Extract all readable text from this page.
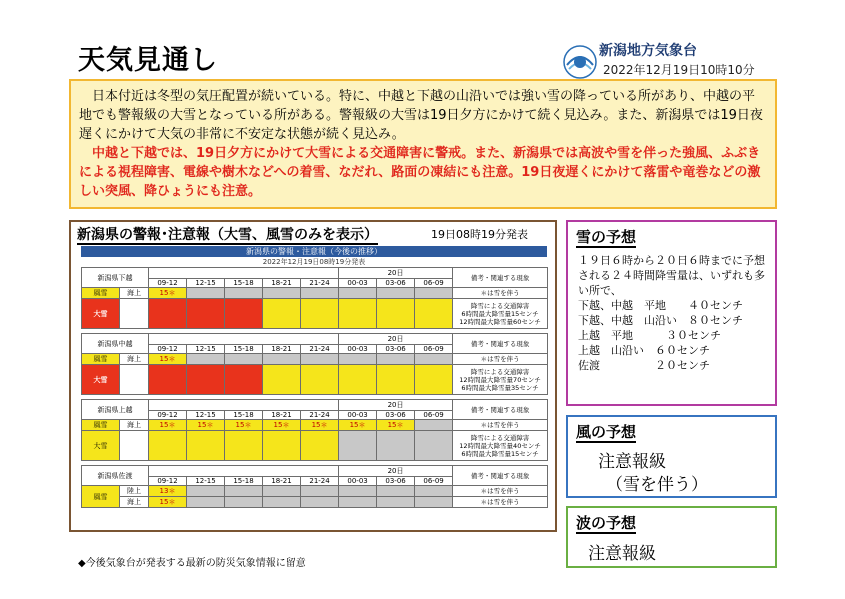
天気見通し	新潟地方気象台
2022年12月19日10時10分

日本付近は冬型の気圧配置が続いている。特に、中越と下越の山沿いでは強い雪の降っている所があり、中越の平地でも警報級の大雪となっている所がある。警報級の大雪は19日夕方にかけて続く見込み。また、新潟県では19日夜遅くにかけて大気の非常に不安定な状態が続く見込み。

中越と下越では、19日夕方にかけて大雪による交通障害に警戒。また、新潟県では高波や雪を伴った強風、ふぶきによる視程障害、電線や樹木などへの着雪、なだれ、路面の凍結にも注意。19日夜遅くにかけて落雷や竜巻などの激しい突風、降ひょうにも注意。

新潟県の警報･注意報（大雪、風雪のみを表示）	19日08時19分発表
新潟県の警報・注意報（今後の推移）
2022年12月19日08時19分発表
新潟県下越							20日			備考・関連する現象
		09-12	12-15	15-18	18-21	21-24	00-03	03-06	06-09	
風雪	海上	15＊								＊は雪を伴う
大雪										降雪による交通障害
6時間最大降雪量15センチ
12時間最大降雪量60センチ

新潟県中越							20日			備考・関連する現象
		09-12	12-15	15-18	18-21	21-24	00-03	03-06	06-09	
風雪	海上	15＊								＊は雪を伴う
大雪										降雪による交通障害
12時間最大降雪量70センチ
6時間最大降雪量35センチ

新潟県上越							20日			備考・関連する現象
		09-12	12-15	15-18	18-21	21-24	00-03	03-06	06-09	
風雪	海上	15＊	15＊	15＊	15＊	15＊	15＊	15＊		＊は雪を伴う
大雪										降雪による交通障害
12時間最大降雪量40センチ
6時間最大降雪量15センチ

新潟県佐渡							20日			備考・関連する現象
		09-12	12-15	15-18	18-21	21-24	00-03	03-06	06-09	
風雪	陸上	13＊								＊は雪を伴う
	海上	15＊								＊は雪を伴う
◆今後気象台が発表する最新の防災気象情報に留意
雪の予想
１９日６時から２０日６時までに予想される２４時間降雪量は、いずれも多い所で、
下越、中越　平地　　４０センチ
下越、中越　山沿い　８０センチ
上越　平地　　　３０センチ
上越　山沿い　６０センチ
佐渡　　　　　２０センチ
風の予想
注意報級
（雪を伴う）
波の予想
注意報級
